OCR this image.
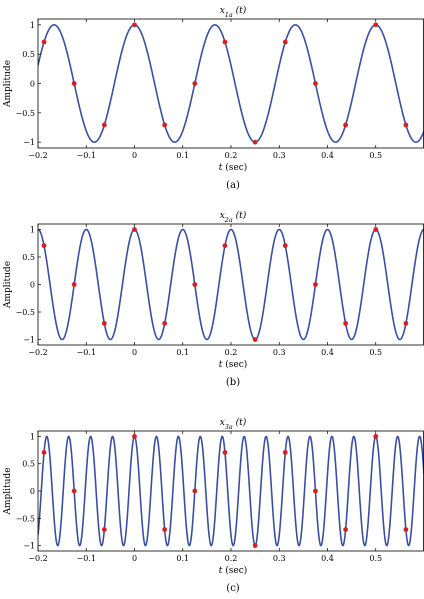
−0.2	−0.1	0	0.1	0.2	0.3	0.4	0.5
−1
−0.5
0
0.5
1
$x_{1a}$ (t)
t (sec)
Amplitude
(a)
−0.2	−0.1	0	0.1	0.2	0.3	0.4	0.5
−1
−0.5
0
0.5
1
$x_{2a}$ (t)
t (sec)
Amplitude
(b)
−0.2	−0.1	0	0.1	0.2	0.3	0.4	0.5
−1
−0.5
0
0.5
1
$x_{3a}$ (t)
t (sec)
Amplitude
(c)
